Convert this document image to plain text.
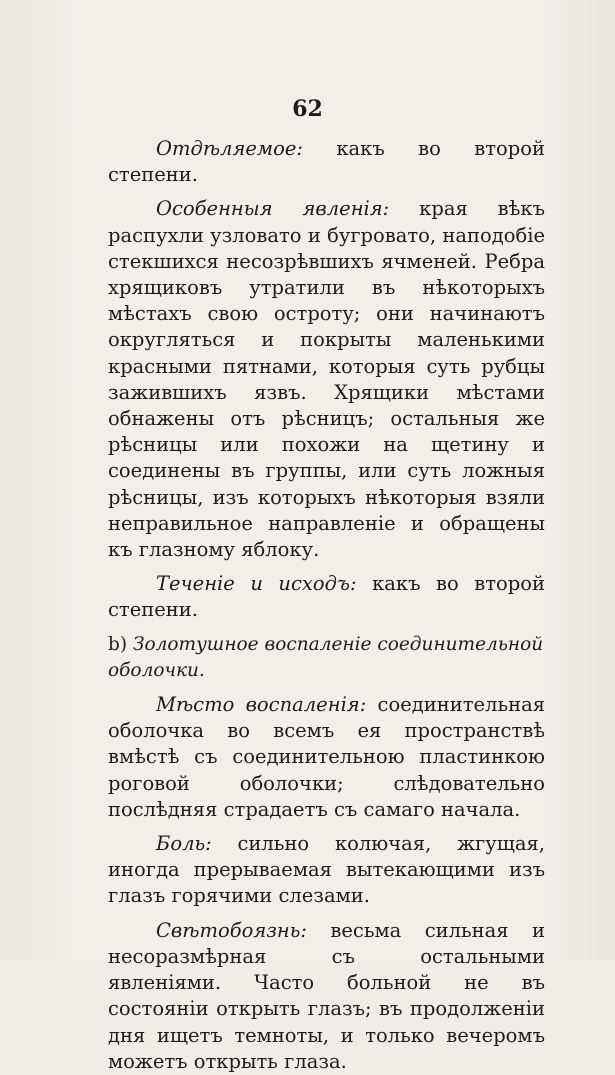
62

Отдѣляемое: какъ во второй степени.

Особенныя явленія: края вѣкъ распухли узловато и бугровато, наподобіе стекшихся несозрѣвшихъ ячменей. Ребра хрящиковъ утратили въ нѣкоторыхъ мѣстахъ свою остроту; они начинаютъ округляться и покрыты маленькими красными пятнами, которыя суть рубцы зажившихъ язвъ. Хрящики мѣстами обнажены отъ рѣсницъ; остальныя же рѣсницы или похожи на щетину и соединены въ группы, или суть ложныя рѣсницы, изъ которыхъ нѣкоторыя взяли неправильное направленіе и обращены къ глазному яблоку.

Теченіе и исходъ: какъ во второй степени.

b) Золотушное воспаленіе соединительной оболочки.

Мѣсто воспаленія: соединительная оболочка во всемъ ея пространствѣ вмѣстѣ съ соединительною пластинкою роговой оболочки; слѣдовательно послѣдняя страдаетъ съ самаго начала.

Боль: сильно колючая, жгущая, иногда прерываемая вытекающими изъ глазъ горячими слезами.

Свѣтобоязнь: весьма сильная и несоразмѣрная съ остальными явленіями. Часто больной не въ состояніи открыть глазъ; въ продолженіи дня ищетъ темноты, и только вечеромъ можетъ открыть глаза.
